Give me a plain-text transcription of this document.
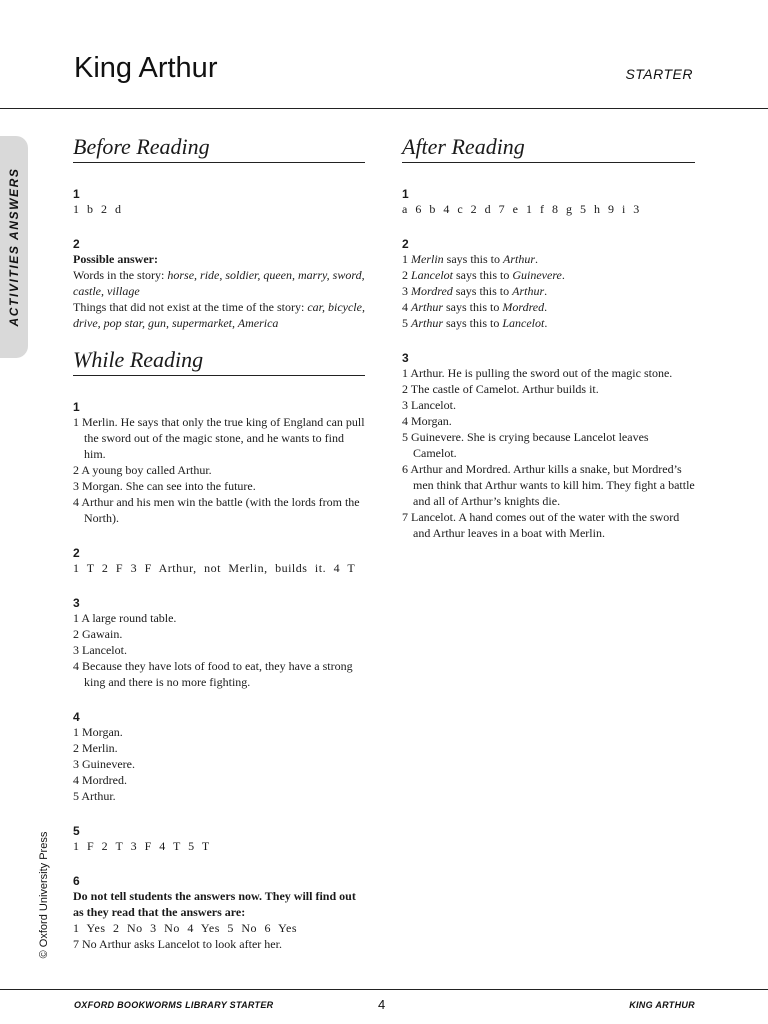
King Arthur	STARTER
ACTIVITIES ANSWERS
© Oxford University Press
Before Reading
1
1 b 2 d
2
Possible answer:
Words in the story: horse, ride, soldier, queen, marry, sword, castle, village
Things that did not exist at the time of the story: car, bicycle, drive, pop star, gun, supermarket, America
While Reading
1
1 Merlin. He says that only the true king of England can pull the sword out of the magic stone, and he wants to find him.
2 A young boy called Arthur.
3 Morgan. She can see into the future.
4 Arthur and his men win the battle (with the lords from the North).
2
1 T 2 F 3 F Arthur, not Merlin, builds it. 4 T
3
1 A large round table.
2 Gawain.
3 Lancelot.
4 Because they have lots of food to eat, they have a strong king and there is no more fighting.
4
1 Morgan.
2 Merlin.
3 Guinevere.
4 Mordred.
5 Arthur.
5
1 F 2 T 3 F 4 T 5 T
6
Do not tell students the answers now. They will find out as they read that the answers are:
1 Yes 2 No 3 No 4 Yes 5 No 6 Yes
7 No Arthur asks Lancelot to look after her.
After Reading
1
a 6 b 4 c 2 d 7 e 1 f 8 g 5 h 9 i 3
2
1 Merlin says this to Arthur.
2 Lancelot says this to Guinevere.
3 Mordred says this to Arthur.
4 Arthur says this to Mordred.
5 Arthur says this to Lancelot.
3
1 Arthur. He is pulling the sword out of the magic stone.
2 The castle of Camelot. Arthur builds it.
3 Lancelot.
4 Morgan.
5 Guinevere. She is crying because Lancelot leaves Camelot.
6 Arthur and Mordred. Arthur kills a snake, but Mordred’s men think that Arthur wants to kill him. They fight a battle and all of Arthur’s knights die.
7 Lancelot. A hand comes out of the water with the sword and Arthur leaves in a boat with Merlin.
OXFORD BOOKWORMS LIBRARY STARTER	4	KING ARTHUR
